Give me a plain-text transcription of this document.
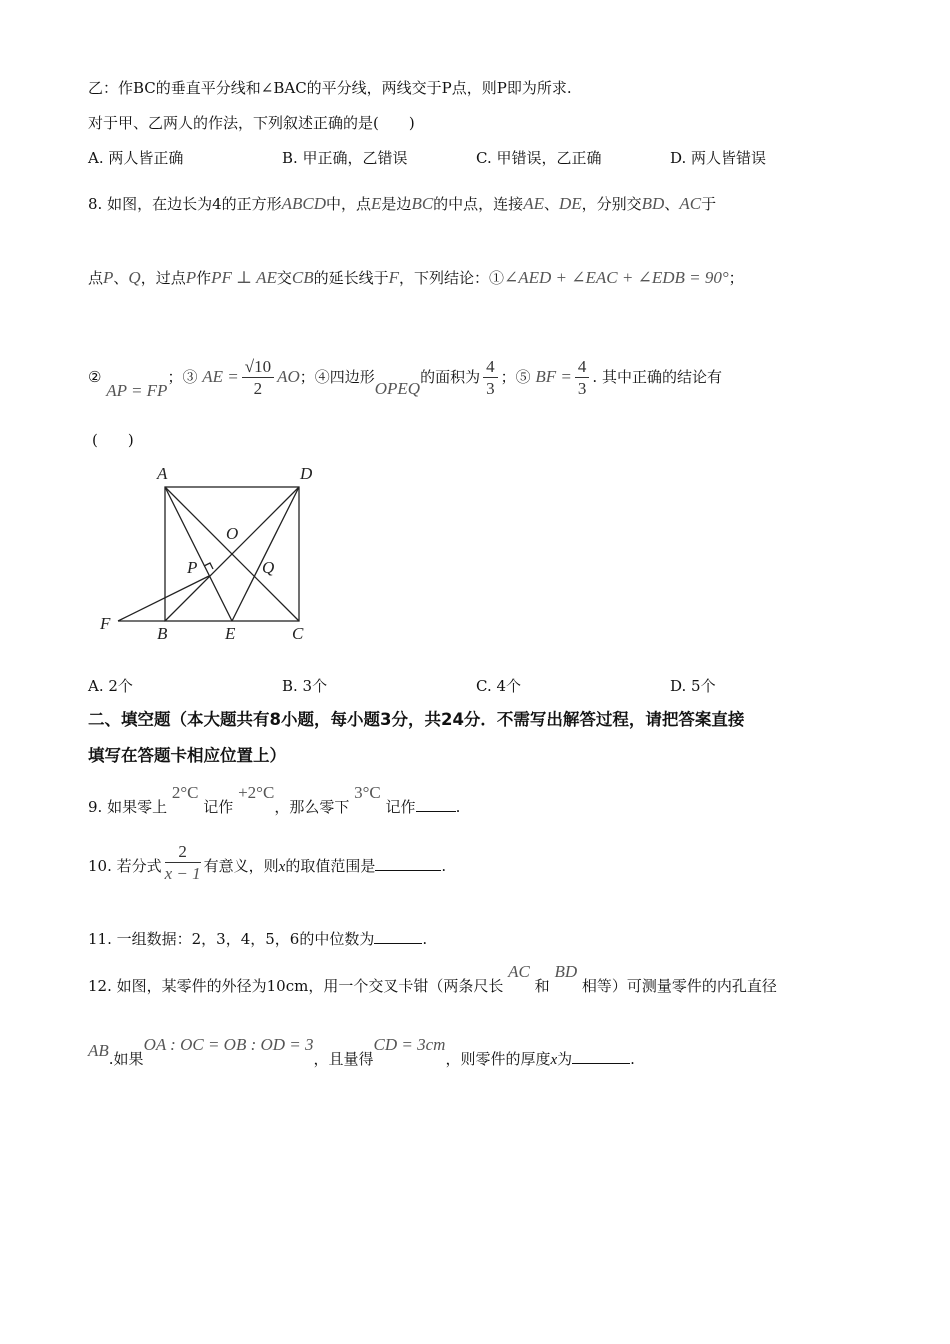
乙：作BC的垂直平分线和∠BAC的平分线，两线交于P点，则P即为所求.
对于甲、乙两人的作法，下列叙述正确的是(　　)
A. 两人皆正确	B. 甲正确，乙错误	C. 甲错误，乙正确	D. 两人皆错误
8. 如图，在边长为4的正方形ABCD中，点E是边BC的中点，连接AE、DE，分别交BD、AC于
点P、Q，过点P作PF ⊥ AE交CB的延长线于F，下列结论：①∠AED + ∠EAC + ∠EDB = 90°；
② AP = FP；③ AE = $\frac{√10}{2}$ AO；④四边形OPEQ的面积为 $\frac{4}{3}$ ；⑤ BF = $\frac{4}{3}$ . 其中正确的结论有
(　　)
A	D
O
P	Q
F
B	E	C
A. 2个	B. 3个	C. 4个	D. 5个
二、填空题（本大题共有8小题，每小题3分，共24分．不需写出解答过程，请把答案直接
填写在答题卡相应位置上）
9. 如果零上 2°C 记作 +2°C，那么零下 3°C 记作	.
10. 若分式 $\frac{2}{x - 1}$ 有意义，则x的取值范围是	.
11. 一组数据：2，3，4，5，6的中位数为	.
12. 如图，某零件的外径为10cm，用一个交叉卡钳（两条尺长 AC 和 BD 相等）可测量零件的内孔直径
AB.如果OA : OC = OB : OD = 3，且量得CD = 3cm，则零件的厚度x为	.
